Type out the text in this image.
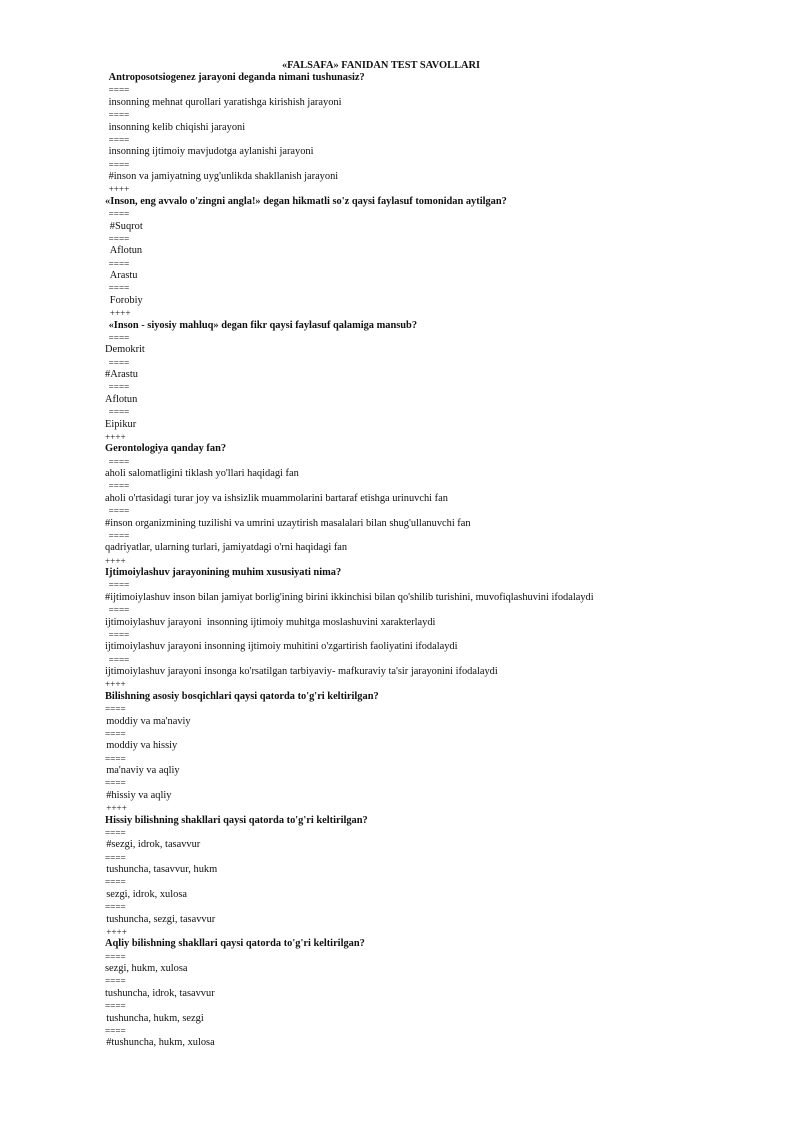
«FALSAFA» FANIDAN TEST SAVOLLARI
Antroposotsiogenez jarayoni deganda nimani tushunasiz?
====
insonning mehnat qurollari yaratishga kirishish jarayoni
====
insonning kelib chiqishi jarayoni
====
insonning ijtimoiy mavjudotga aylanishi jarayoni
====
#inson va jamiyatning uyg'unlikda shakllanish jarayoni
++++
«Inson, eng avvalo o'zingni angla!» degan hikmatli so'z qaysi faylasuf tomonidan aytilgan?
====
#Suqrot
====
Aflotun
====
Arastu
====
Forobiy
++++
«Inson - siyosiy mahluq» degan fikr qaysi faylasuf qalamiga mansub?
====
Demokrit
====
#Arastu
====
Aflotun
====
Eipikur
++++
Gerontologiya qanday fan?
====
aholi salomatligini tiklash yo'llari haqidagi fan
====
aholi o'rtasidagi turar joy va ishsizlik muammolarini bartaraf etishga urinuvchi fan
====
#inson organizmining tuzilishi va umrini uzaytirish masalalari bilan shug'ullanuvchi fan
====
qadriyatlar, ularning turlari, jamiyatdagi o'rni haqidagi fan
++++
Ijtimoiylashuv jarayonining muhim xususiyati nima?
====
#ijtimoiylashuv inson bilan jamiyat borlig'ining birini ikkinchisi bilan qo'shilib turishini, muvofiqlashuvini ifodalaydi
====
ijtimoiylashuv jarayoni  insonning ijtimoiy muhitga moslashuvini xarakterlaydi
====
ijtimoiylashuv jarayoni insonning ijtimoiy muhitini o'zgartirish faoliyatini ifodalaydi
====
ijtimoiylashuv jarayoni insonga ko'rsatilgan tarbiyaviy- mafkuraviy ta'sir jarayonini ifodalaydi
++++
Bilishning asosiy bosqichlari qaysi qatorda to'g'ri keltirilgan?
====
moddiy va ma'naviy
====
moddiy va hissiy
====
ma'naviy va aqliy
====
#hissiy va aqliy
++++
Hissiy bilishning shakllari qaysi qatorda to'g'ri keltirilgan?
====
#sezgi, idrok, tasavvur
====
tushuncha, tasavvur, hukm
====
sezgi, idrok, xulosa
====
tushuncha, sezgi, tasavvur
++++
Aqliy bilishning shakllari qaysi qatorda to'g'ri keltirilgan?
====
sezgi, hukm, xulosa
====
tushuncha, idrok, tasavvur
====
tushuncha, hukm, sezgi
====
#tushuncha, hukm, xulosa
